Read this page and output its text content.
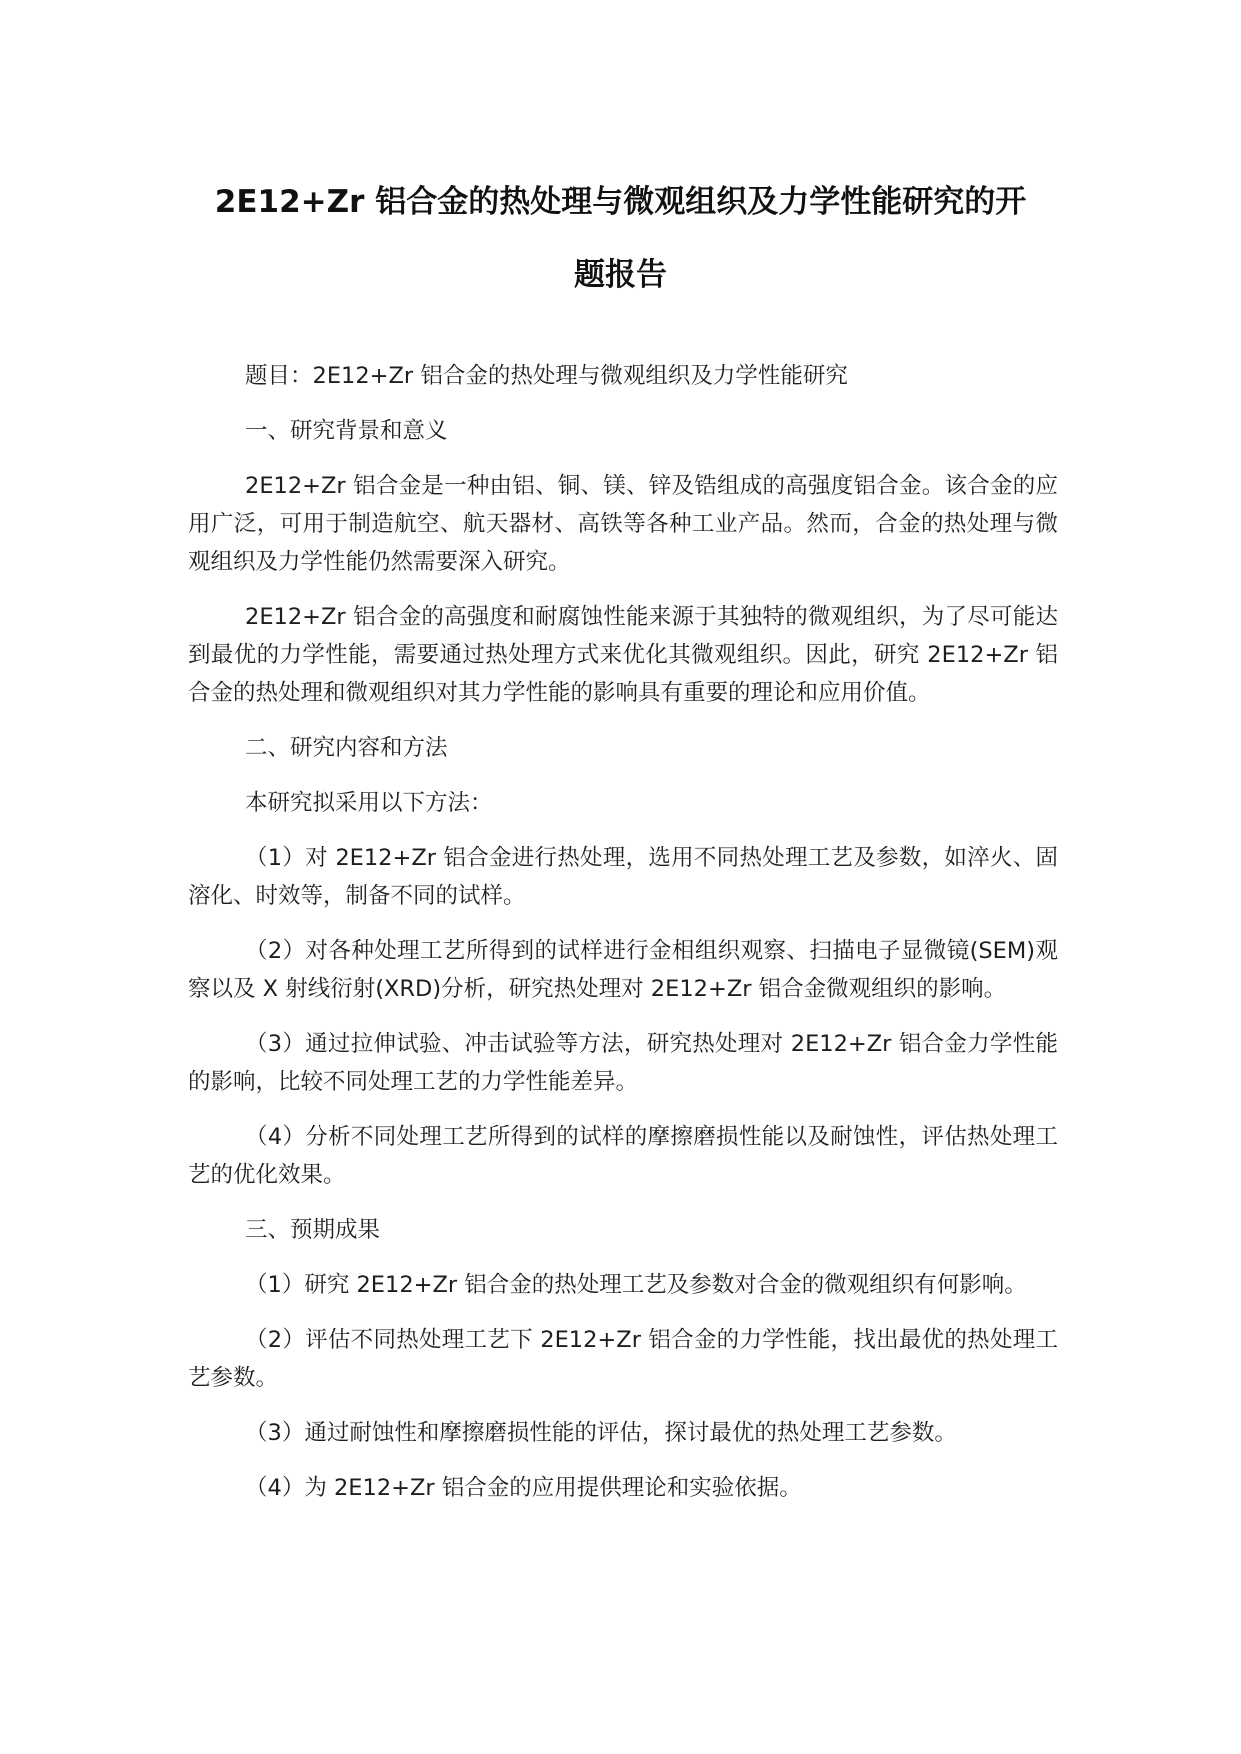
2E12+Zr 铝合金的热处理与微观组织及力学性能研究的开
题报告

题目：2E12+Zr 铝合金的热处理与微观组织及力学性能研究

一、研究背景和意义

2E12+Zr 铝合金是一种由铝、铜、镁、锌及锆组成的高强度铝合金。该合金的应用广泛，可用于制造航空、航天器材、高铁等各种工业产品。然而，合金的热处理与微观组织及力学性能仍然需要深入研究。

2E12+Zr 铝合金的高强度和耐腐蚀性能来源于其独特的微观组织，为了尽可能达到最优的力学性能，需要通过热处理方式来优化其微观组织。因此，研究 2E12+Zr 铝合金的热处理和微观组织对其力学性能的影响具有重要的理论和应用价值。

二、研究内容和方法

本研究拟采用以下方法：

（1）对 2E12+Zr 铝合金进行热处理，选用不同热处理工艺及参数，如淬火、固溶化、时效等，制备不同的试样。

（2）对各种处理工艺所得到的试样进行金相组织观察、扫描电子显微镜(SEM)观察以及 X 射线衍射(XRD)分析，研究热处理对 2E12+Zr 铝合金微观组织的影响。

（3）通过拉伸试验、冲击试验等方法，研究热处理对 2E12+Zr 铝合金力学性能的影响，比较不同处理工艺的力学性能差异。

（4）分析不同处理工艺所得到的试样的摩擦磨损性能以及耐蚀性，评估热处理工艺的优化效果。

三、预期成果

（1）研究 2E12+Zr 铝合金的热处理工艺及参数对合金的微观组织有何影响。

（2）评估不同热处理工艺下 2E12+Zr 铝合金的力学性能，找出最优的热处理工艺参数。

（3）通过耐蚀性和摩擦磨损性能的评估，探讨最优的热处理工艺参数。

（4）为 2E12+Zr 铝合金的应用提供理论和实验依据。
